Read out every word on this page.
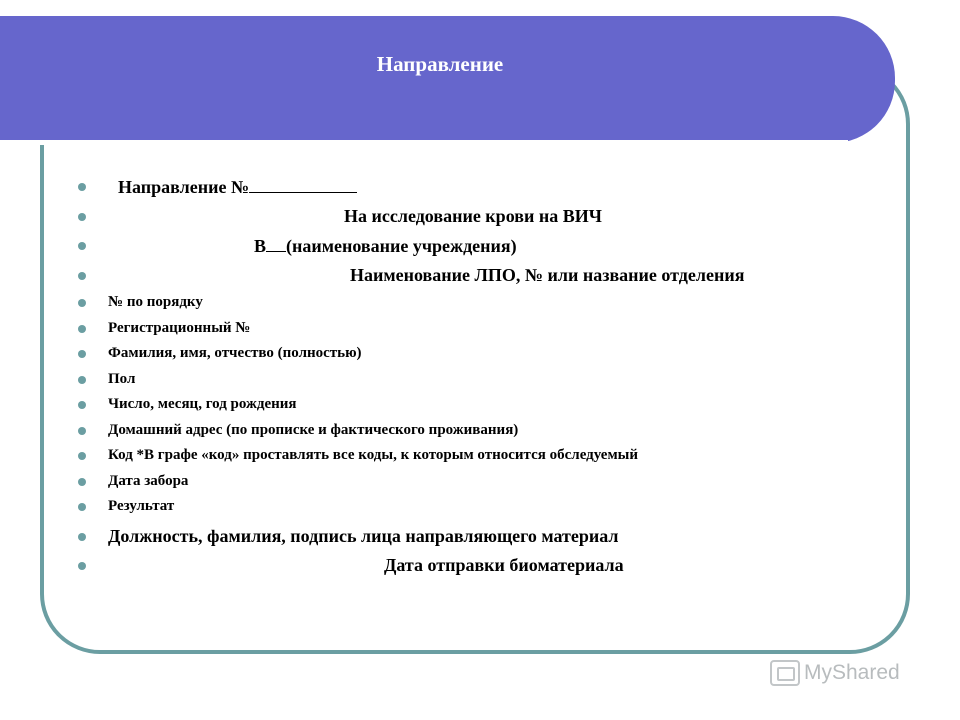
Направление
Направление №
На исследование крови на ВИЧ
В (наименование учреждения)
Наименование ЛПО, № или название отделения
№ по порядку
Регистрационный №
Фамилия, имя, отчество (полностью)
Пол
Число, месяц, год рождения
Домашний адрес (по прописке и фактического проживания)
Код *В графе «код» проставлять все коды, к которым относится обследуемый
Дата забора
Результат
Должность, фамилия, подпись лица направляющего материал
Дата отправки биоматериала
MyShared
